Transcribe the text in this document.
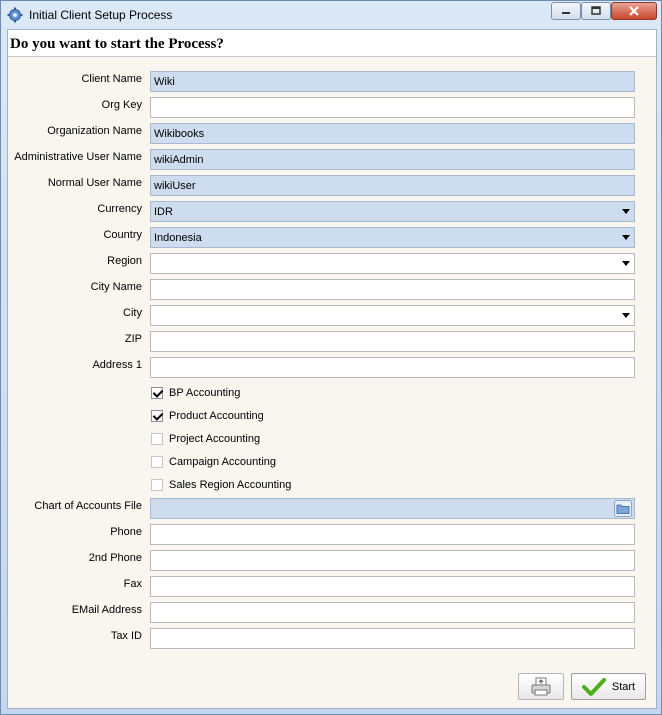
Initial Client Setup Process
Do you want to start the Process?
Client Name	Wiki
Org Key
Organization Name	Wikibooks
Administrative User Name	wikiAdmin
Normal User Name	wikiUser
Currency	IDR
Country	Indonesia
Region
City Name
City
ZIP
Address 1
BP Accounting
Product Accounting
Project Accounting
Campaign Accounting
Sales Region Accounting
Chart of Accounts File
Phone
2nd Phone
Fax
EMail Address
Tax ID
Start
